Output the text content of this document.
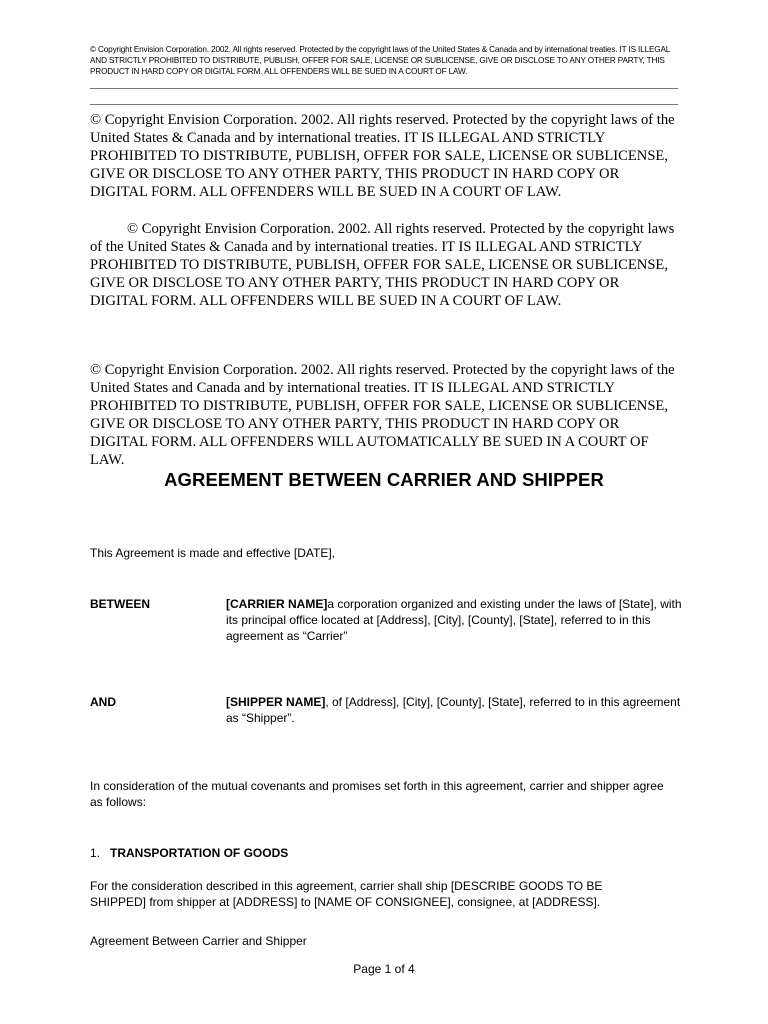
© Copyright Envision Corporation. 2002. All rights reserved. Protected by the copyright laws of the United States & Canada and by international treaties. IT IS ILLEGAL AND STRICTLY PROHIBITED TO DISTRIBUTE, PUBLISH, OFFER FOR SALE, LICENSE OR SUBLICENSE, GIVE OR DISCLOSE TO ANY OTHER PARTY, THIS PRODUCT IN HARD COPY OR DIGITAL FORM. ALL OFFENDERS WILL BE SUED IN A COURT OF LAW.
© Copyright Envision Corporation. 2002. All rights reserved. Protected by the copyright laws of the United States & Canada and by international treaties. IT IS ILLEGAL AND STRICTLY PROHIBITED TO DISTRIBUTE, PUBLISH, OFFER FOR SALE, LICENSE OR SUBLICENSE, GIVE OR DISCLOSE TO ANY OTHER PARTY, THIS PRODUCT IN HARD COPY OR DIGITAL FORM. ALL OFFENDERS WILL BE SUED IN A COURT OF LAW.
© Copyright Envision Corporation. 2002. All rights reserved. Protected by the copyright laws of the United States & Canada and by international treaties. IT IS ILLEGAL AND STRICTLY PROHIBITED TO DISTRIBUTE, PUBLISH, OFFER FOR SALE, LICENSE OR SUBLICENSE, GIVE OR DISCLOSE TO ANY OTHER PARTY, THIS PRODUCT IN HARD COPY OR DIGITAL FORM. ALL OFFENDERS WILL BE SUED IN A COURT OF LAW.
© Copyright Envision Corporation. 2002. All rights reserved. Protected by the copyright laws of the United States and Canada and by international treaties. IT IS ILLEGAL AND STRICTLY PROHIBITED TO DISTRIBUTE, PUBLISH, OFFER FOR SALE, LICENSE OR SUBLICENSE, GIVE OR DISCLOSE TO ANY OTHER PARTY, THIS PRODUCT IN HARD COPY OR DIGITAL FORM. ALL OFFENDERS WILL AUTOMATICALLY BE SUED IN A COURT OF LAW.
AGREEMENT BETWEEN CARRIER AND SHIPPER
This Agreement is made and effective [DATE],
BETWEEN	[CARRIER NAME]a corporation organized and existing under the laws of [State], with its principal office located at [Address], [City], [County], [State], referred to in this agreement as “Carrier”
AND	[SHIPPER NAME], of [Address], [City], [County], [State], referred to in this agreement as “Shipper”.
In consideration of the mutual covenants and promises set forth in this agreement, carrier and shipper agree as follows:
1. TRANSPORTATION OF GOODS
For the consideration described in this agreement, carrier shall ship [DESCRIBE GOODS TO BE SHIPPED] from shipper at [ADDRESS] to [NAME OF CONSIGNEE], consignee, at [ADDRESS].
Agreement Between Carrier and Shipper
Page 1 of 4
